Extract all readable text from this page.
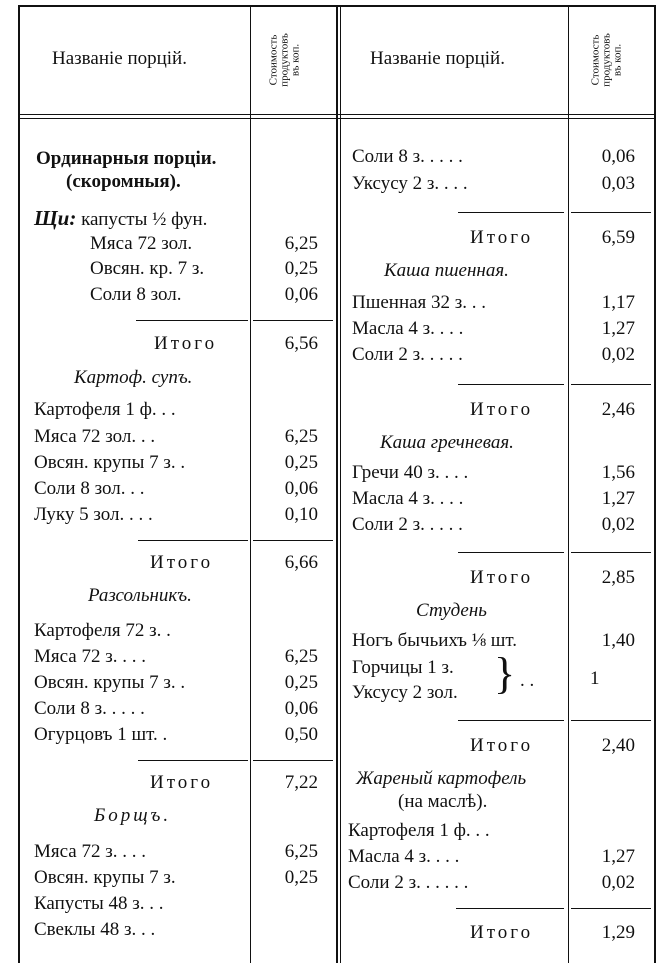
Названіе порцій.	Названіе порцій.
Стоимость продуктовъ въ коп.	Стоимость продуктовъ въ коп.
Ординарныя порціи.
(скоромныя).
Щи: капусты ½ фун.
Мяса 72 зол.	6,25
Овсян. кр. 7 з.	0,25
Соли 8 зол.	0,06
Итого	6,56
Картоф. супъ.
Картофеля 1 ф. . .
Мяса 72 зол. . .	6,25
Овсян. крупы 7 з. .	0,25
Соли 8 зол. . .	0,06
Луку 5 зол. . . .	0,10
Итого	6,66
Разсольникъ.
Картофеля 72 з. .
Мяса 72 з. . . .	6,25
Овсян. крупы 7 з. .	0,25
Соли 8 з. . . . .	0,06
Огурцовъ 1 шт. .	0,50
Итого	7,22
Борщъ.
Мяса 72 з. . . .	6,25
Овсян. крупы 7 з.	0,25
Капусты 48 з. . .
Свеклы 48 з. . .
Соли 8 з. . . . .	0,06
Уксусу 2 з. . . .	0,03
Итого	6,59
Каша пшенная.
Пшенная 32 з. . .	1,17
Масла 4 з. . . .	1,27
Соли 2 з. . . . .	0,02
Итого	2,46
Каша гречневая.
Гречи 40 з. . . .	1,56
Масла 4 з. . . .	1,27
Соли 2 з. . . . .	0,02
Итого	2,85
Студень
Ногъ бычьихъ ⅛ шт.	1,40
Горчицы 1 з.
Уксусу 2 зол. } . .	1
Итого	2,40
Жареный картофель
(на маслѣ).
Картофеля 1 ф. . .
Масла 4 з. . . .	1,27
Соли 2 з. . . . . .	0,02
Итого	1,29
